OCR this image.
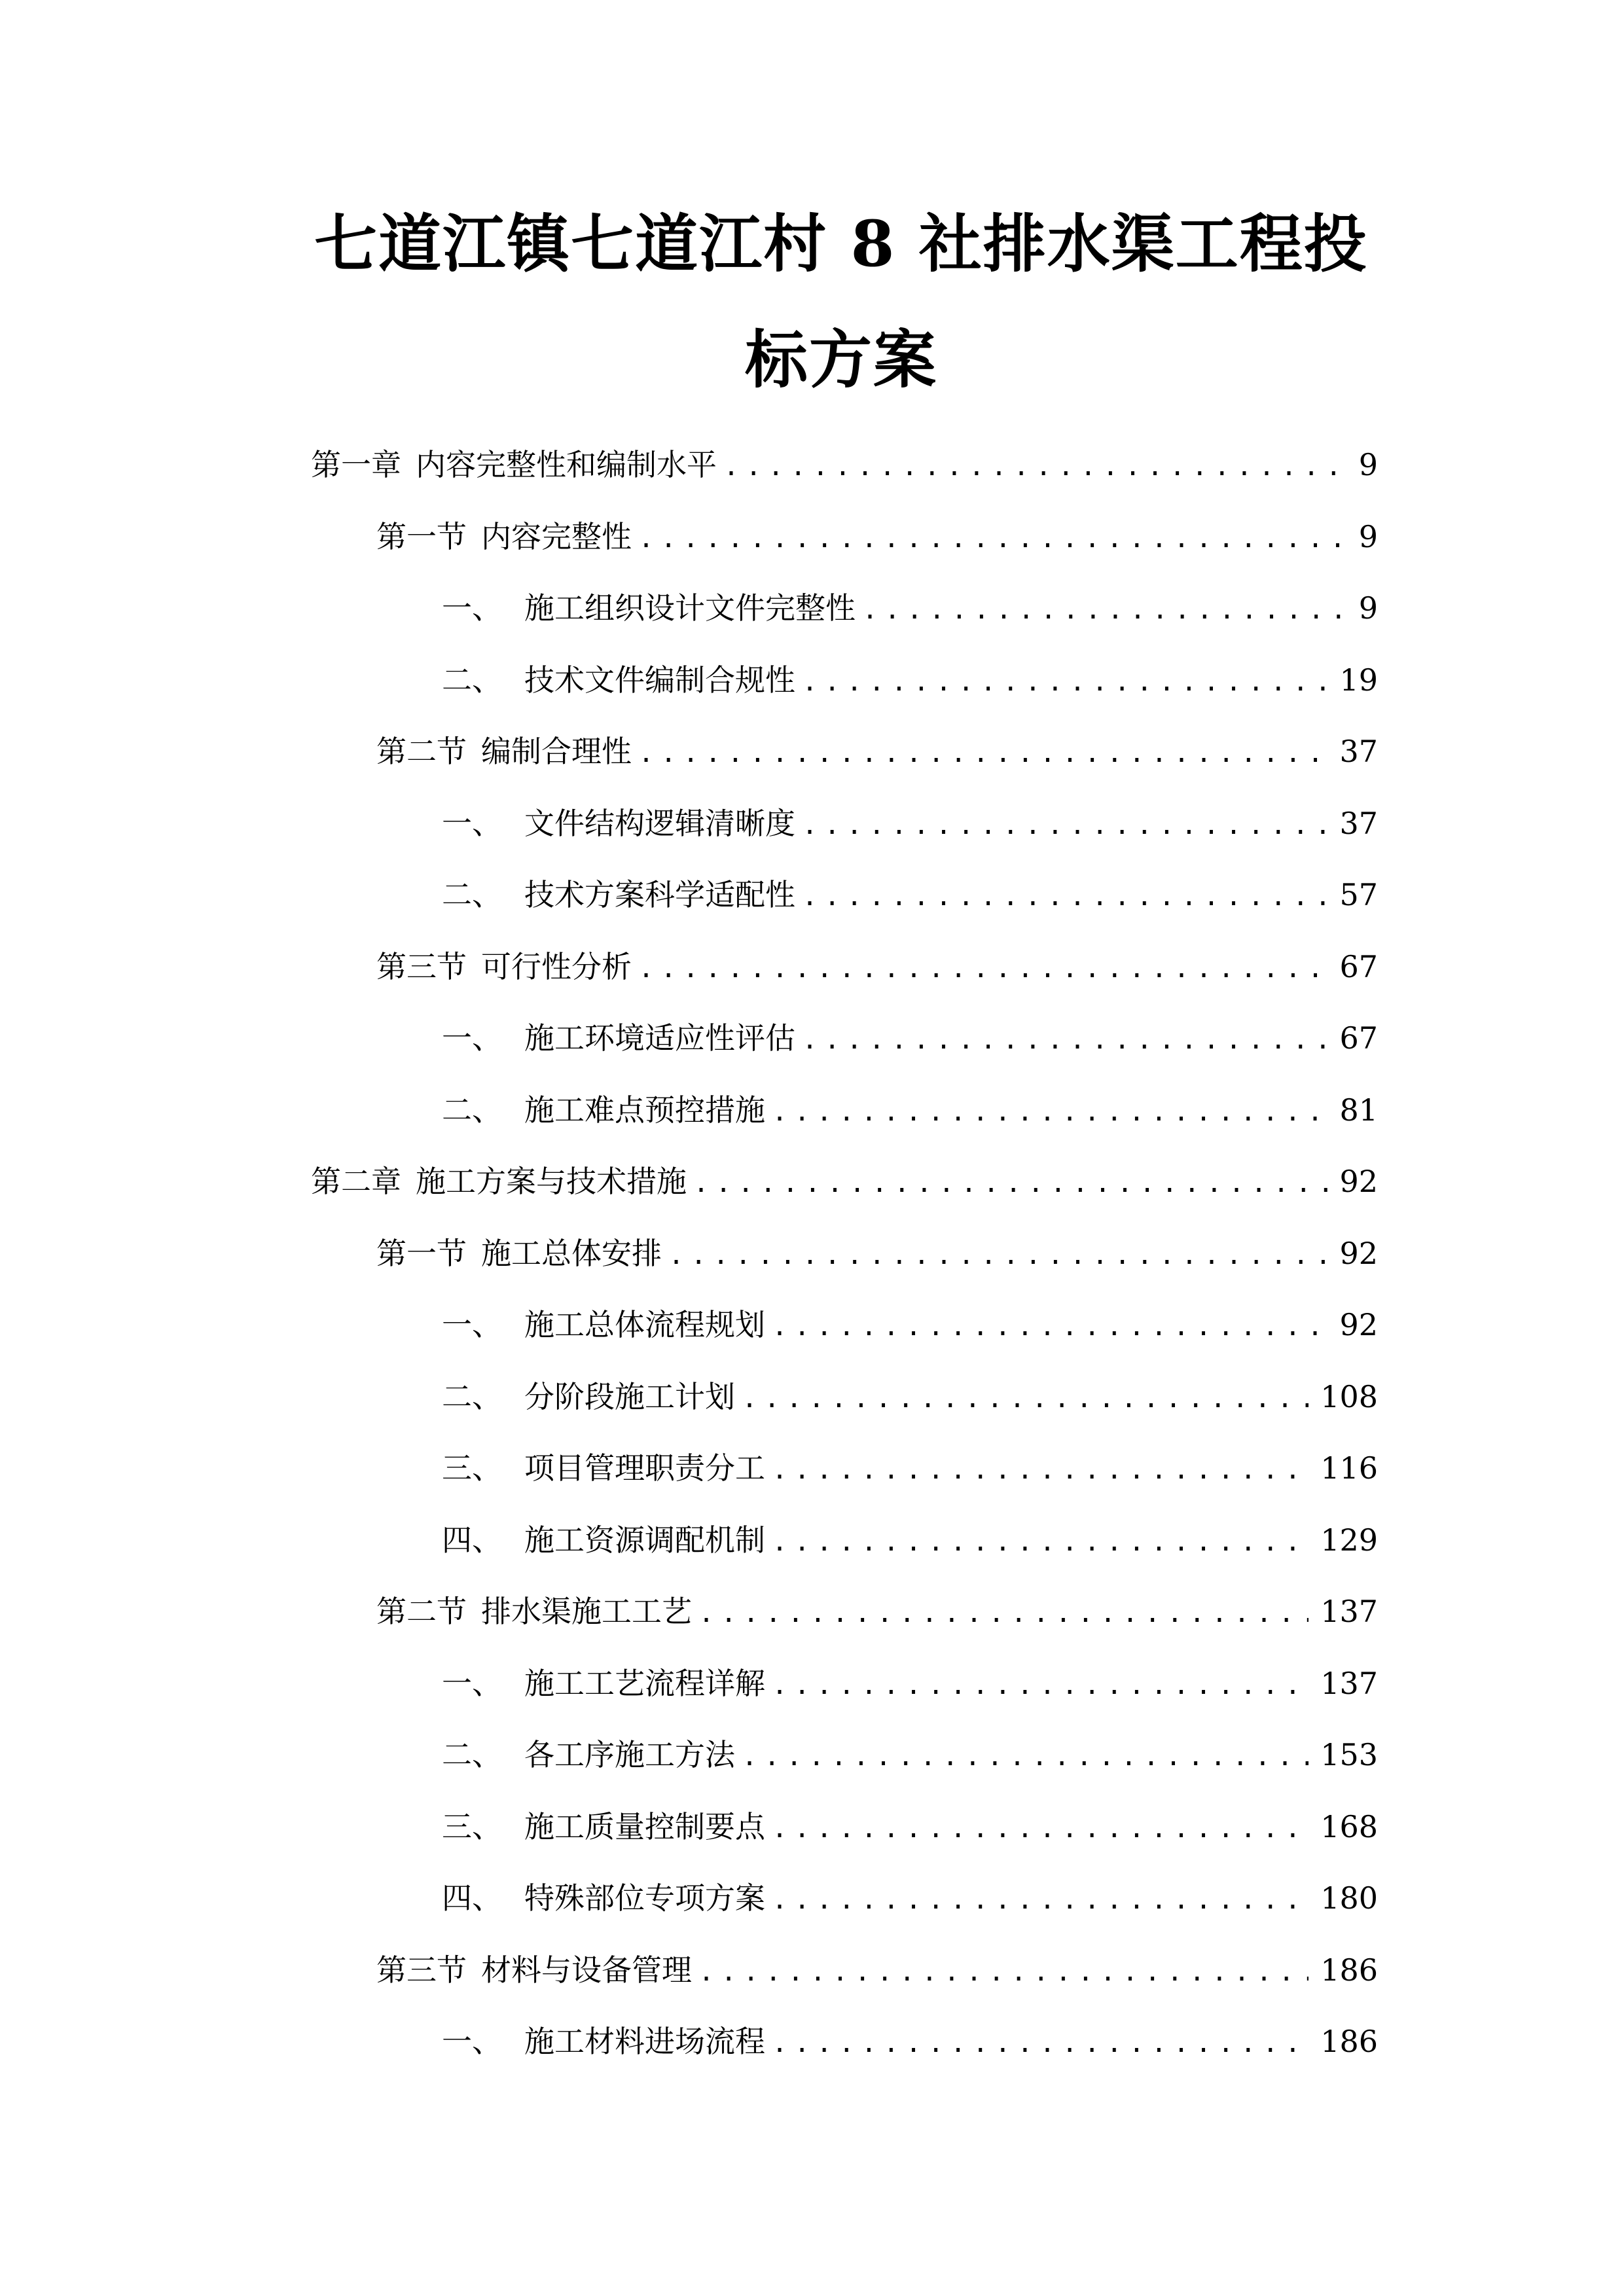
七道江镇七道江村 8 社排水渠工程投
标方案
第一章 内容完整性和编制水平 .....	9
第一节 内容完整性 .....	9
一、 施工组织设计文件完整性 .....	9
二、 技术文件编制合规性 .....	19
第二节 编制合理性 .....	37
一、 文件结构逻辑清晰度 .....	37
二、 技术方案科学适配性 .....	57
第三节 可行性分析 .....	67
一、 施工环境适应性评估 .....	67
二、 施工难点预控措施 .....	81
第二章 施工方案与技术措施 .....	92
第一节 施工总体安排 .....	92
一、 施工总体流程规划 .....	92
二、 分阶段施工计划 .....	108
三、 项目管理职责分工 .....	116
四、 施工资源调配机制 .....	129
第二节 排水渠施工工艺 .....	137
一、 施工工艺流程详解 .....	137
二、 各工序施工方法 .....	153
三、 施工质量控制要点 .....	168
四、 特殊部位专项方案 .....	180
第三节 材料与设备管理 .....	186
一、 施工材料进场流程 .....	186
